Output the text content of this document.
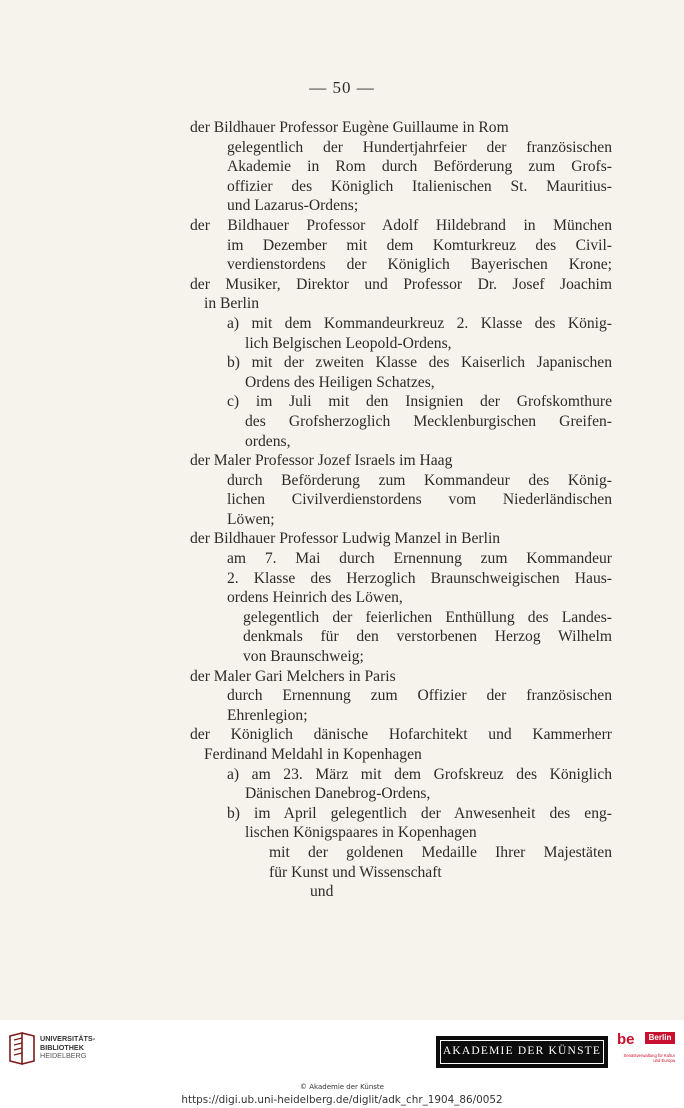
— 50 —
der Bildhauer Professor Eugène Guillaume in Rom
gelegentlich der Hundertjahrfeier der französischen
Akademie in Rom durch Beförderung zum Grofs-
offizier des Königlich Italienischen St. Mauritius-
und Lazarus-Ordens;
der Bildhauer Professor Adolf Hildebrand in München
im Dezember mit dem Komturkreuz des Civil-
verdienstordens der Königlich Bayerischen Krone;
der Musiker, Direktor und Professor Dr. Josef Joachim
in Berlin
a) mit dem Kommandeurkreuz 2. Klasse des König-
lich Belgischen Leopold-Ordens,
b) mit der zweiten Klasse des Kaiserlich Japanischen
Ordens des Heiligen Schatzes,
c) im Juli mit den Insignien der Grofskomthure
des Grofsherzoglich Mecklenburgischen Greifen-
ordens,
der Maler Professor Jozef Israels im Haag
durch Beförderung zum Kommandeur des König-
lichen Civilverdienstordens vom Niederländischen
Löwen;
der Bildhauer Professor Ludwig Manzel in Berlin
am 7. Mai durch Ernennung zum Kommandeur
2. Klasse des Herzoglich Braunschweigischen Haus-
ordens Heinrich des Löwen,
gelegentlich der feierlichen Enthüllung des Landes-
denkmals für den verstorbenen Herzog Wilhelm
von Braunschweig;
der Maler Gari Melchers in Paris
durch Ernennung zum Offizier der französischen
Ehrenlegion;
der Königlich dänische Hofarchitekt und Kammerherr
Ferdinand Meldahl in Kopenhagen
a) am 23. März mit dem Grofskreuz des Königlich
Dänischen Danebrog-Ordens,
b) im April gelegentlich der Anwesenheit des eng-
lischen Königspaares in Kopenhagen
mit der goldenen Medaille Ihrer Majestäten
für Kunst und Wissenschaft
und
UNIVERSITÄTS-
BIBLIOTHEK
HEIDELBERG	AKADEMIE DER KÜNSTE
be	Berlin
Senatsverwaltung für Kultur und Europa
© Akademie der Künste
https://digi.ub.uni-heidelberg.de/diglit/adk_chr_1904_86/0052
